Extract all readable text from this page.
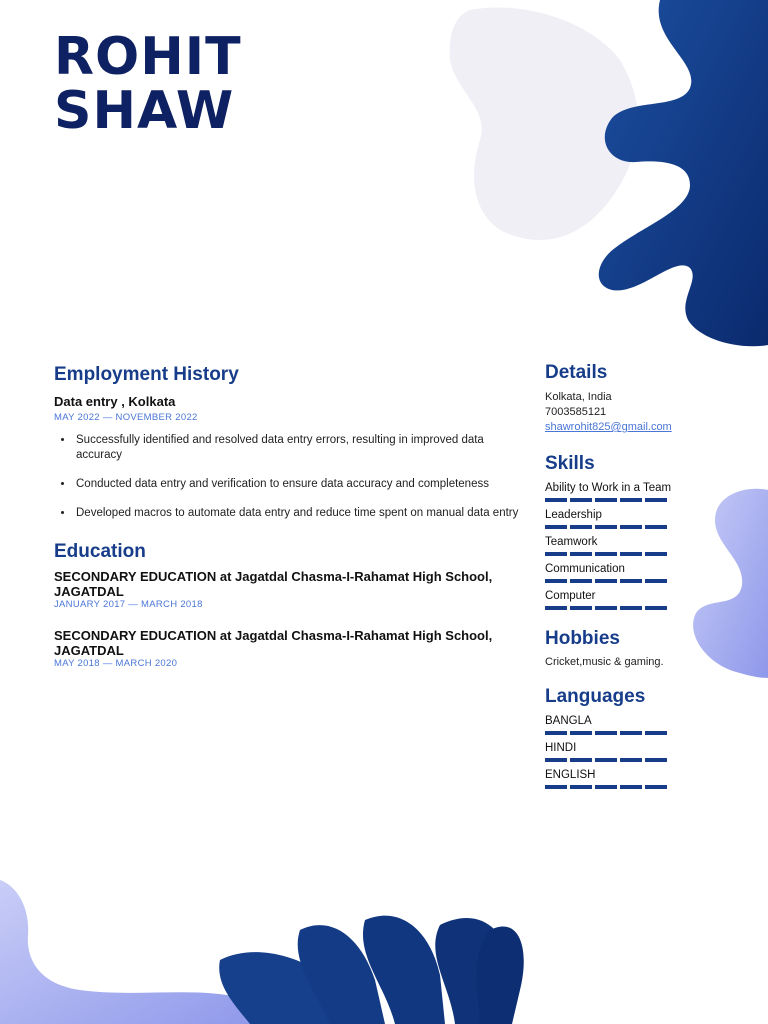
ROHIT
SHAW
Employment History
Data entry , Kolkata
MAY 2022 — NOVEMBER 2022
• Successfully identified and resolved data entry errors, resulting in improved data accuracy
• Conducted data entry and verification to ensure data accuracy and completeness
• Developed macros to automate data entry and reduce time spent on manual data entry
Education
SECONDARY EDUCATION at Jagatdal Chasma-I-Rahamat High School, JAGATDAL
JANUARY 2017 — MARCH 2018
SECONDARY EDUCATION at Jagatdal Chasma-I-Rahamat High School, JAGATDAL
MAY 2018 — MARCH 2020
Details
Kolkata, India
7003585121
shawrohit825@gmail.com
Skills
Ability to Work in a Team
Leadership
Teamwork
Communication
Computer
Hobbies
Cricket,music & gaming.
Languages
BANGLA
HINDI
ENGLISH
